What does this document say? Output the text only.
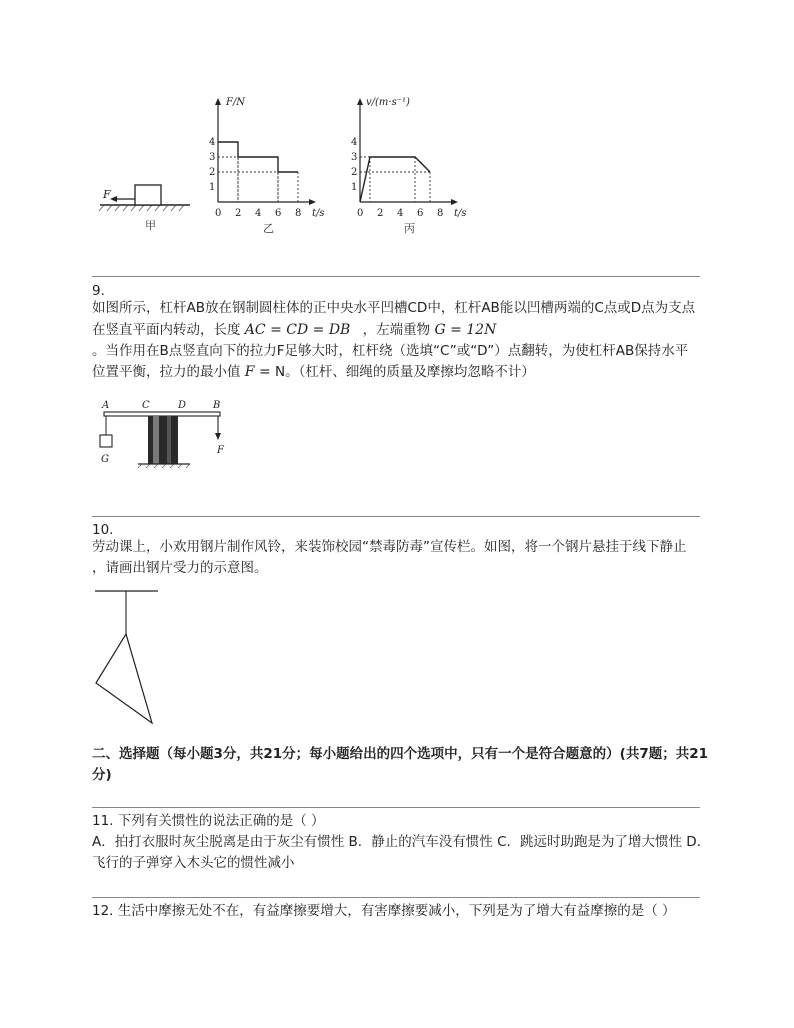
F
甲
F/N
t/s
1
2
3
4
0 2 4 6 8
乙
v/(m·s⁻¹)
t/s
1
2
3
4
0 2 4 6 8
丙
9.
如图所示，杠杆AB放在钢制圆柱体的正中央水平凹槽CD中，杠杆AB能以凹槽两端的C点或D点为支点
在竖直平面内转动，长度 AC = CD = DB ，左端重物 G = 12N
。当作用在B点竖直向下的拉力F足够大时，杠杆绕（选填“C”或“D”）点翻转，为使杠杆AB保持水平
位置平衡，拉力的最小值 F = N。（杠杆、细绳的质量及摩擦均忽略不计）
A	C	D	B
G
F
10.
劳动课上，小欢用钢片制作风铃，来装饰校园“禁毒防毒”宣传栏。如图，将一个钢片悬挂于线下静止
，请画出钢片受力的示意图。
二、选择题（每小题3分，共21分；每小题给出的四个选项中，只有一个是符合题意的）(共7题；共21
分)
11. 下列有关惯性的说法正确的是（ ）
A．拍打衣服时灰尘脱离是由于灰尘有惯性 B．静止的汽车没有惯性 C．跳远时助跑是为了增大惯性 D．
飞行的子弹穿入木头它的惯性减小
12. 生活中摩擦无处不在，有益摩擦要增大，有害摩擦要减小，下列是为了增大有益摩擦的是（ ）
